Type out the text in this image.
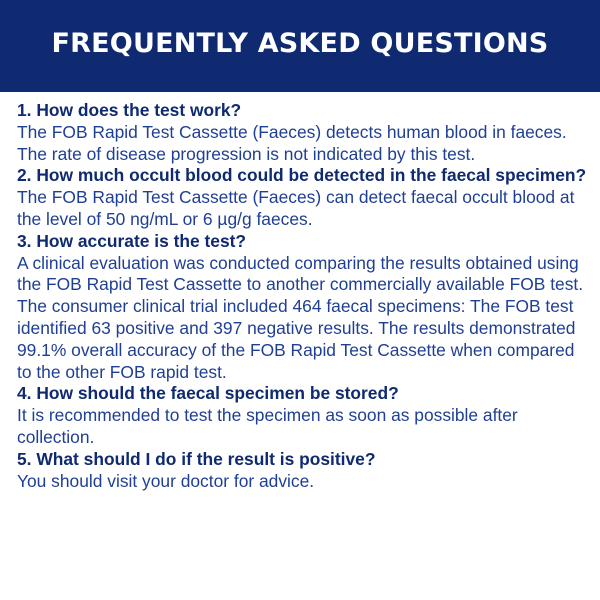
FREQUENTLY ASKED QUESTIONS

1. How does the test work?

The FOB Rapid Test Cassette (Faeces) detects human blood in faeces. The rate of disease progression is not indicated by this test.

2. How much occult blood could be detected in the faecal specimen?

The FOB Rapid Test Cassette (Faeces) can detect faecal occult blood at the level of 50 ng/mL or 6 µg/g faeces.

3. How accurate is the test?

A clinical evaluation was conducted comparing the results obtained using the FOB Rapid Test Cassette to another commercially available FOB test. The consumer clinical trial included 464 faecal specimens: The FOB test identified 63 positive and 397 negative results. The results demonstrated 99.1% overall accuracy of the FOB Rapid Test Cassette when compared to the other FOB rapid test.

4. How should the faecal specimen be stored?

It is recommended to test the specimen as soon as possible after collection.

5. What should I do if the result is positive?

You should visit your doctor for advice.
